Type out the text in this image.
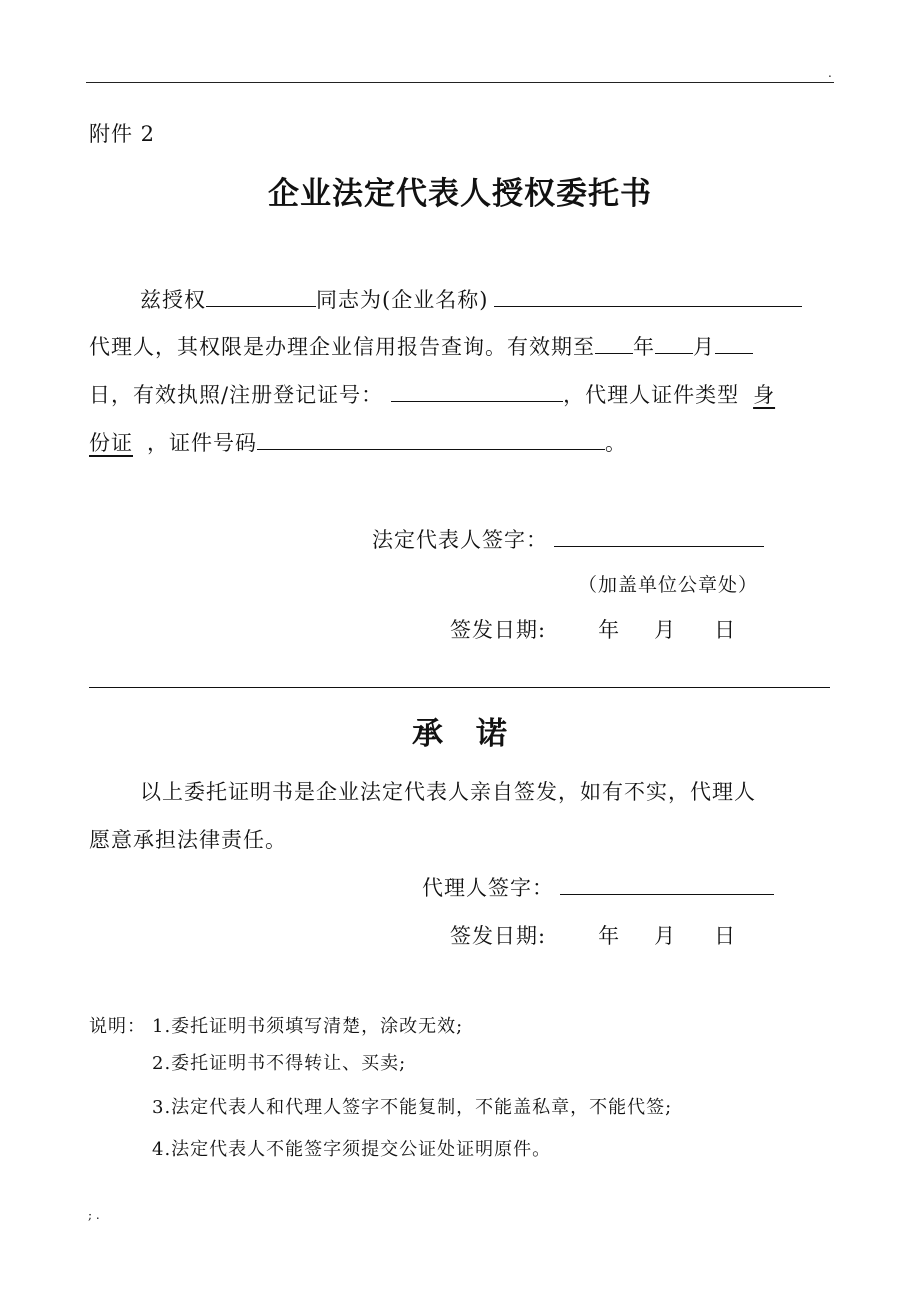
.
附件 2
企业法定代表人授权委托书
兹授权	同志为(企业名称)
代理人，其权限是办理企业信用报告查询。有效期至 年 月
日，有效执照/注册登记证号：	，代理人证件类型 身
份证 ，证件号码	。
法定代表人签字：
（加盖单位公章处）
签发日期: 年 月 日
承　诺
以上委托证明书是企业法定代表人亲自签发，如有不实，代理人
愿意承担法律责任。
代理人签字：
签发日期: 年 月 日
说明： 1.委托证明书须填写清楚，涂改无效;
2.委托证明书不得转让、买卖;
3.法定代表人和代理人签字不能复制，不能盖私章，不能代签;
4.法定代表人不能签字须提交公证处证明原件。
; .
